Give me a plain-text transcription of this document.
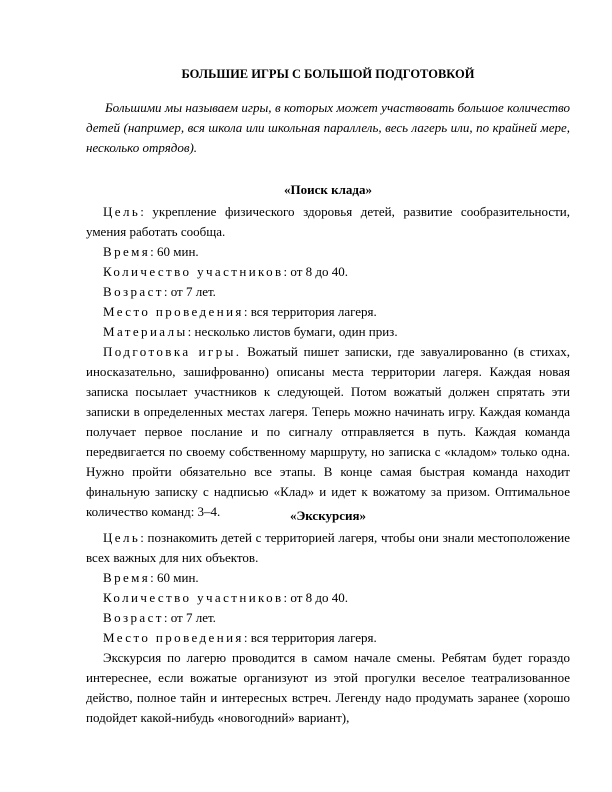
БОЛЬШИЕ ИГРЫ С БОЛЬШОЙ ПОДГОТОВКОЙ

Большими мы называем игры, в которых может участвовать большое количество детей (например, вся школа или школьная параллель, весь лагерь или, по крайней мере, несколько отрядов).

«Поиск клада»

Цель: укрепление физического здоровья детей, развитие сообразительности, умения работать сообща.

Время: 60 мин.
Количество участников: от 8 до 40.
Возраст: от 7 лет.
Место проведения: вся территория лагеря.
Материалы: несколько листов бумаги, один приз.

Подготовка игры. Вожатый пишет записки, где завуалированно (в стихах, иносказательно, зашифрованно) описаны места территории лагеря. Каждая новая записка посылает участников к следующей. Потом вожатый должен спрятать эти записки в определенных местах лагеря. Теперь можно начинать игру. Каждая команда получает первое послание и по сигналу отправляется в путь. Каждая команда передвигается по своему собственному маршруту, но записка с «кладом» только одна. Нужно пройти обязательно все этапы. В конце самая быстрая команда находит финальную записку с надписью «Клад» и идет к вожатому за призом. Оптимальное количество команд: 3–4.	«Экскурсия»

Цель: познакомить детей с территорией лагеря, чтобы они знали местоположение всех важных для них объектов.

Время: 60 мин.
Количество участников: от 8 до 40.
Возраст: от 7 лет.
Место проведения: вся территория лагеря.

Экскурсия по лагерю проводится в самом начале смены. Ребятам будет гораздо интереснее, если вожатые организуют из этой прогулки веселое театрализованное действо, полное тайн и интересных встреч. Легенду надо продумать заранее (хорошо подойдет какой-нибудь «новогодний» вариант),
